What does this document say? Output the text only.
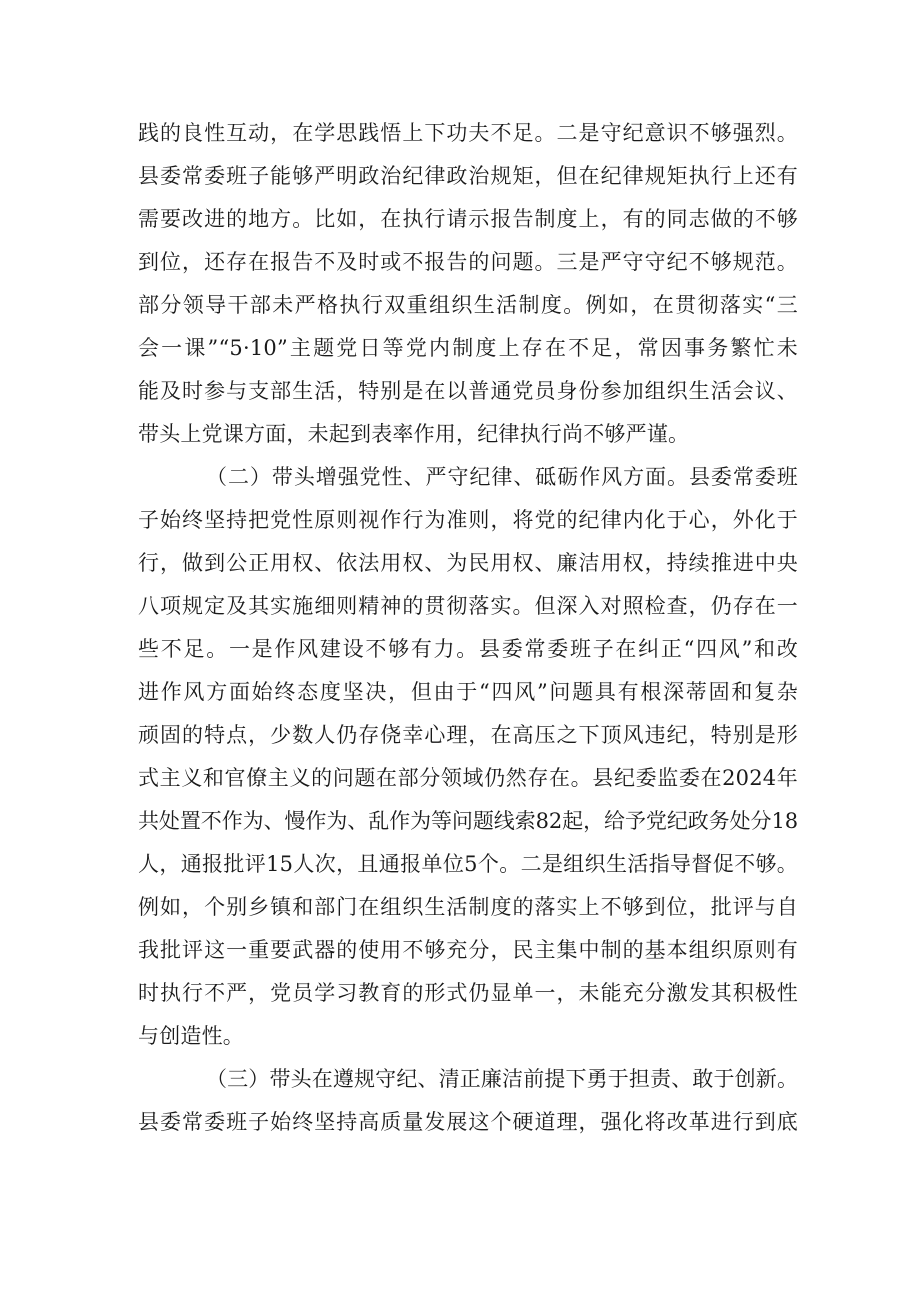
践的良性互动，在学思践悟上下功夫不足。二是守纪意识不够强烈。
县委常委班子能够严明政治纪律政治规矩，但在纪律规矩执行上还有
需要改进的地方。比如，在执行请示报告制度上，有的同志做的不够
到位，还存在报告不及时或不报告的问题。三是严守守纪不够规范。
部分领导干部未严格执行双重组织生活制度。例如，在贯彻落实“三
会一课”“5·10”主题党日等党内制度上存在不足，常因事务繁忙未
能及时参与支部生活，特别是在以普通党员身份参加组织生活会议、
带头上党课方面，未起到表率作用，纪律执行尚不够严谨。
（二）带头增强党性、严守纪律、砥砺作风方面。县委常委班
子始终坚持把党性原则视作行为准则，将党的纪律内化于心，外化于
行，做到公正用权、依法用权、为民用权、廉洁用权，持续推进中央
八项规定及其实施细则精神的贯彻落实。但深入对照检查，仍存在一
些不足。一是作风建设不够有力。县委常委班子在纠正“四风”和改
进作风方面始终态度坚决，但由于“四风”问题具有根深蒂固和复杂
顽固的特点，少数人仍存侥幸心理，在高压之下顶风违纪，特别是形
式主义和官僚主义的问题在部分领域仍然存在。县纪委监委在2024年
共处置不作为、慢作为、乱作为等问题线索82起，给予党纪政务处分18
人，通报批评15人次，且通报单位5个。二是组织生活指导督促不够。
例如，个别乡镇和部门在组织生活制度的落实上不够到位，批评与自
我批评这一重要武器的使用不够充分，民主集中制的基本组织原则有
时执行不严，党员学习教育的形式仍显单一，未能充分激发其积极性
与创造性。
（三）带头在遵规守纪、清正廉洁前提下勇于担责、敢于创新。
县委常委班子始终坚持高质量发展这个硬道理，强化将改革进行到底
